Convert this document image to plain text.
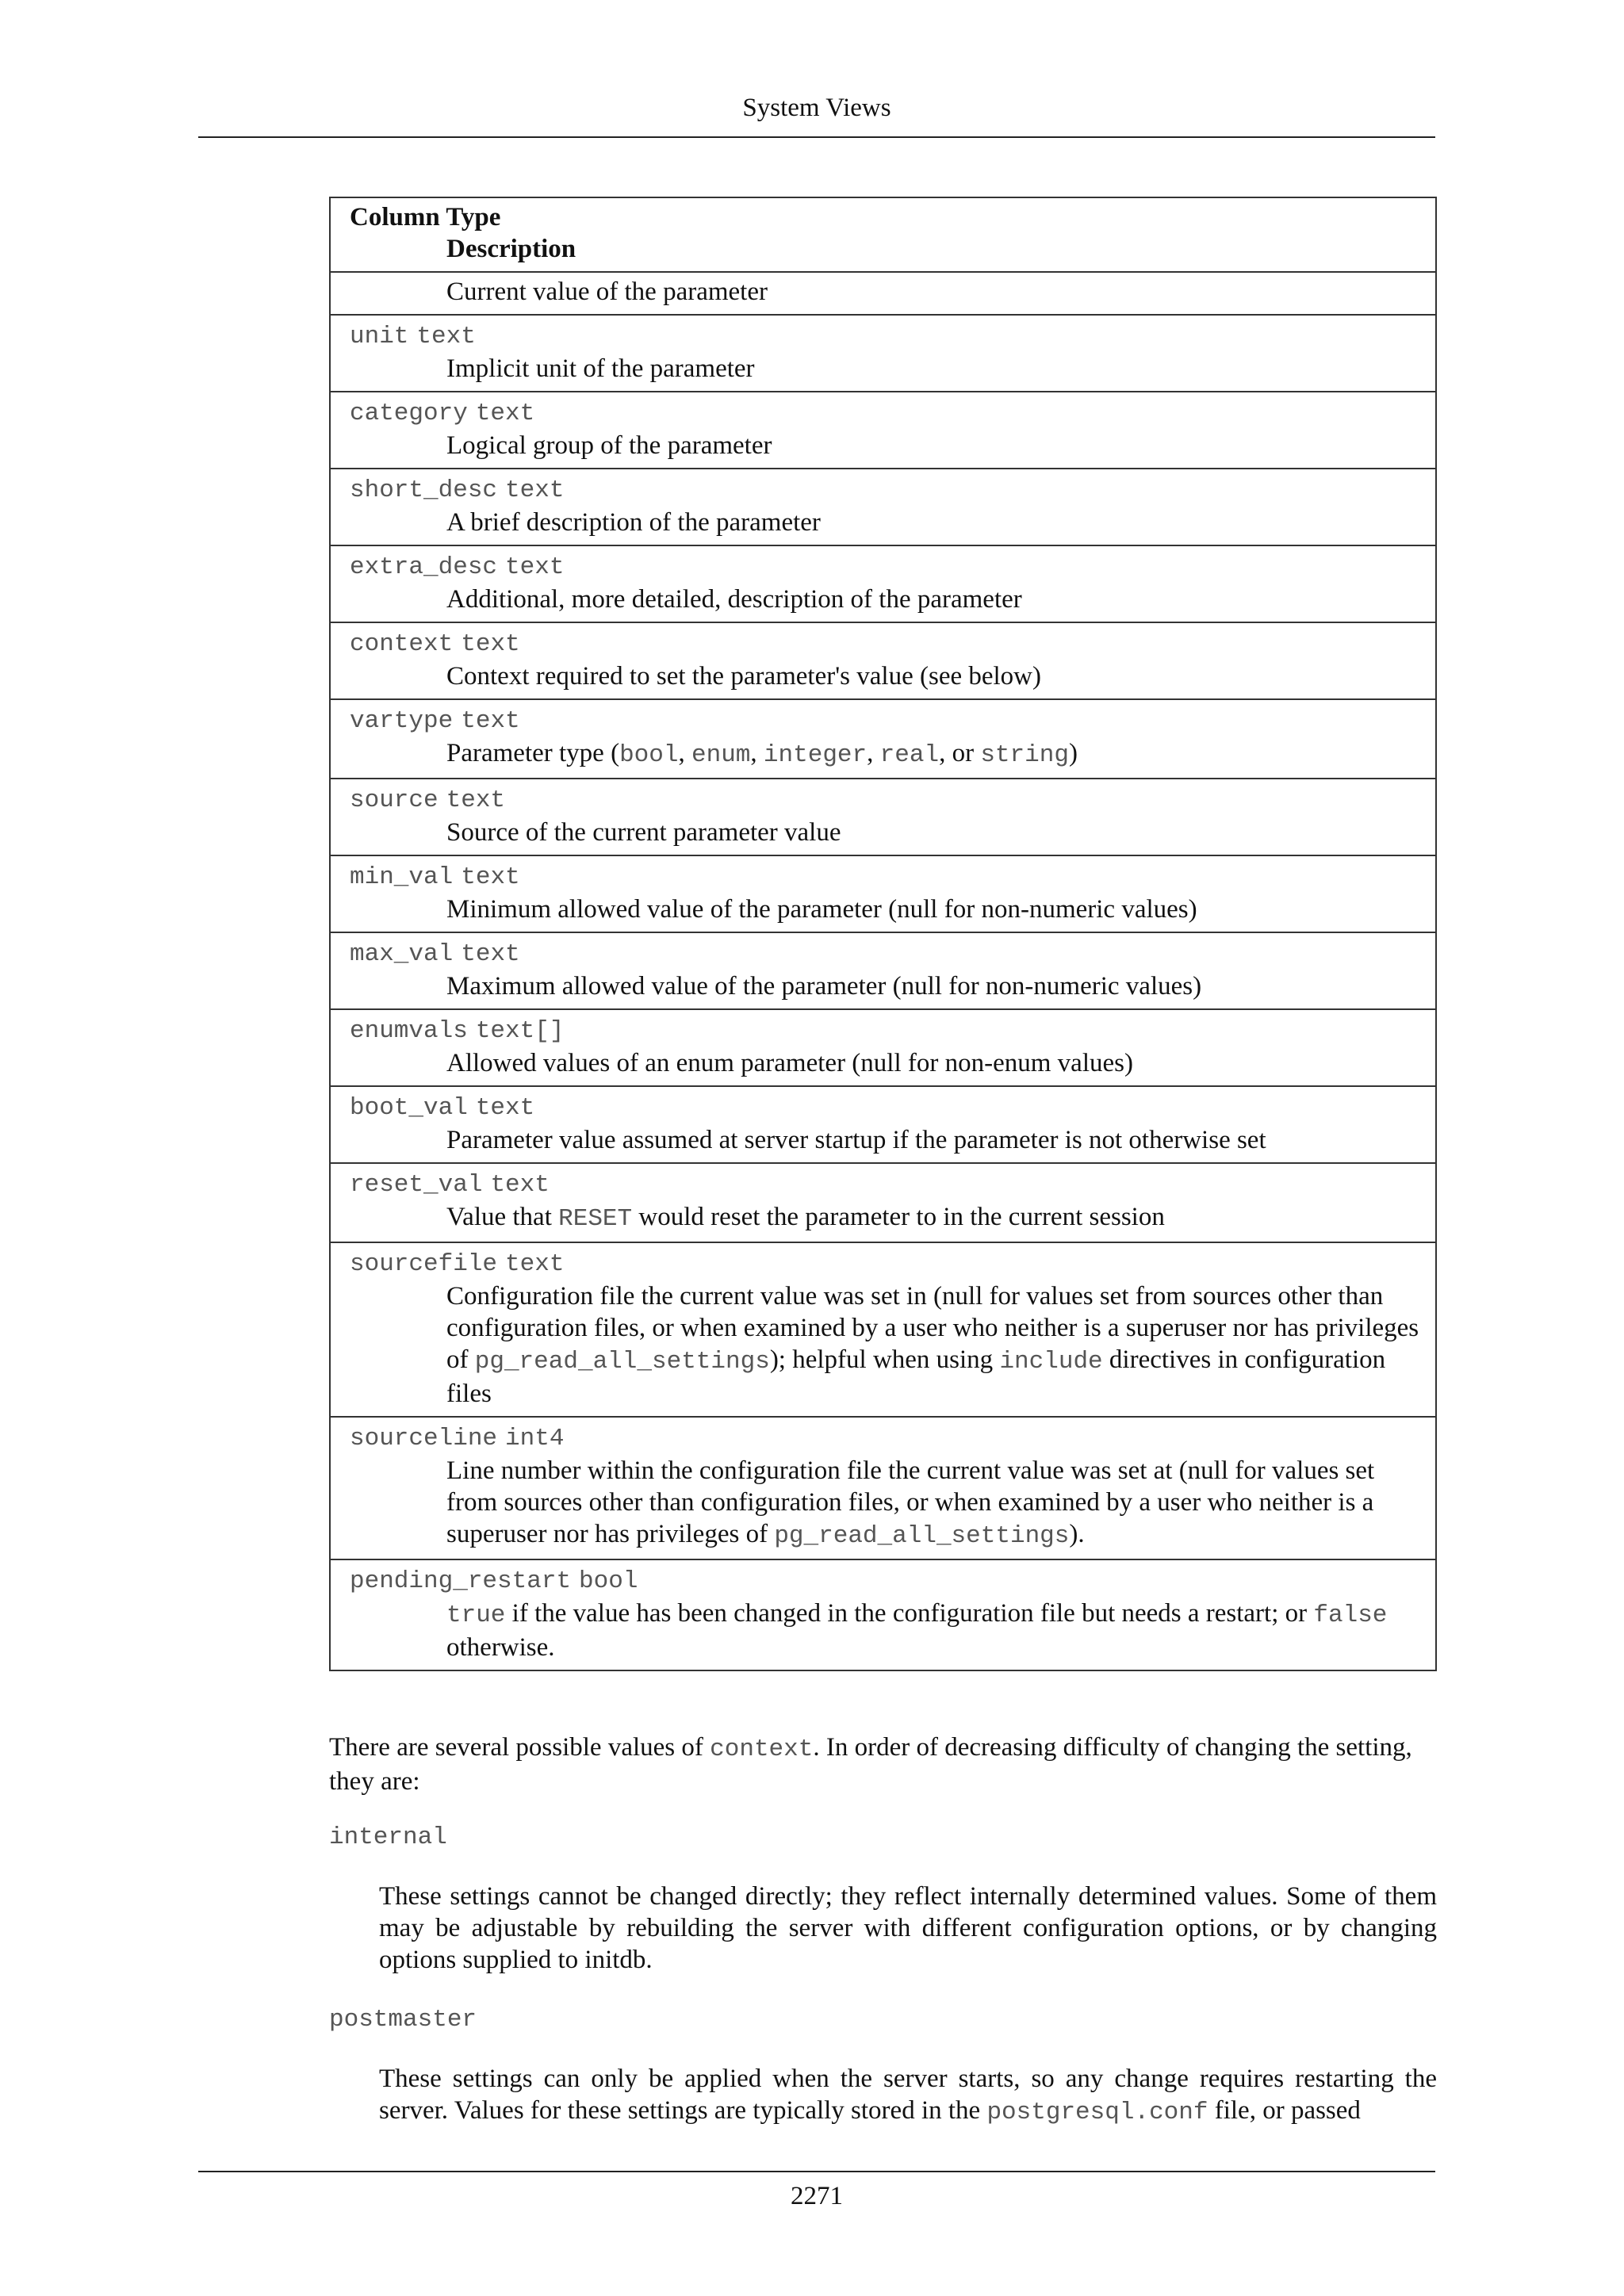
System Views
Column Type
Description

Current value of the parameter

unit text
Implicit unit of the parameter

category text
Logical group of the parameter

short_desc text
A brief description of the parameter

extra_desc text
Additional, more detailed, description of the parameter

context text
Context required to set the parameter's value (see below)

vartype text
Parameter type (bool, enum, integer, real, or string)

source text
Source of the current parameter value

min_val text
Minimum allowed value of the parameter (null for non-numeric values)

max_val text
Maximum allowed value of the parameter (null for non-numeric values)

enumvals text[]
Allowed values of an enum parameter (null for non-enum values)

boot_val text
Parameter value assumed at server startup if the parameter is not otherwise set

reset_val text
Value that RESET would reset the parameter to in the current session

sourcefile text
Configuration file the current value was set in (null for values set from sources other than configuration files, or when examined by a user who neither is a superuser nor has privileges of pg_read_all_settings); helpful when using include directives in configuration files

sourceline int4
Line number within the configuration file the current value was set at (null for values set from sources other than configuration files, or when examined by a user who neither is a superuser nor has privileges of pg_read_all_settings).

pending_restart bool
true if the value has been changed in the configuration file but needs a restart; or false otherwise.
There are several possible values of context. In order of decreasing difficulty of changing the setting, they are:
internal
These settings cannot be changed directly; they reflect internally determined values. Some of them may be adjustable by rebuilding the server with different configuration options, or by changing options supplied to initdb.
postmaster
These settings can only be applied when the server starts, so any change requires restarting the server. Values for these settings are typically stored in the postgresql.conf file, or passed
2271
